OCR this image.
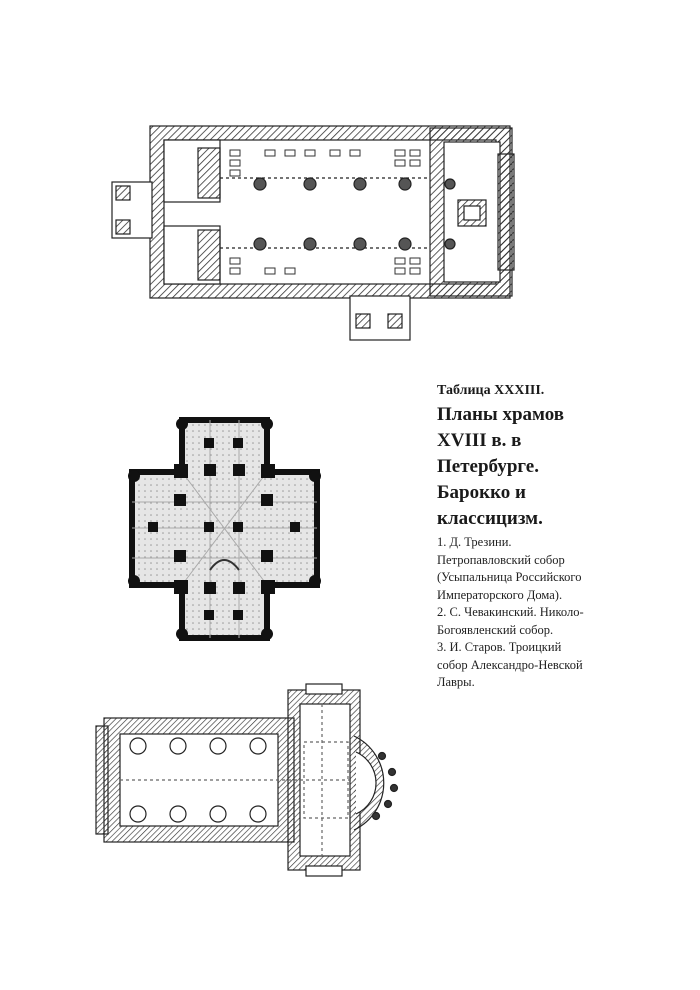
Таблица XXXIII.
Планы храмов
XVIII в. в
Петербурге.
Барокко и
классицизм.
1. Д. Трезини.
Петропавловский собор
(Усыпальница Российского
Императорского Дома).
2. С. Чевакинский. Николо-
Богоявленский собор.
3. И. Старов. Троицкий
собор Александро-Невской
Лавры.
